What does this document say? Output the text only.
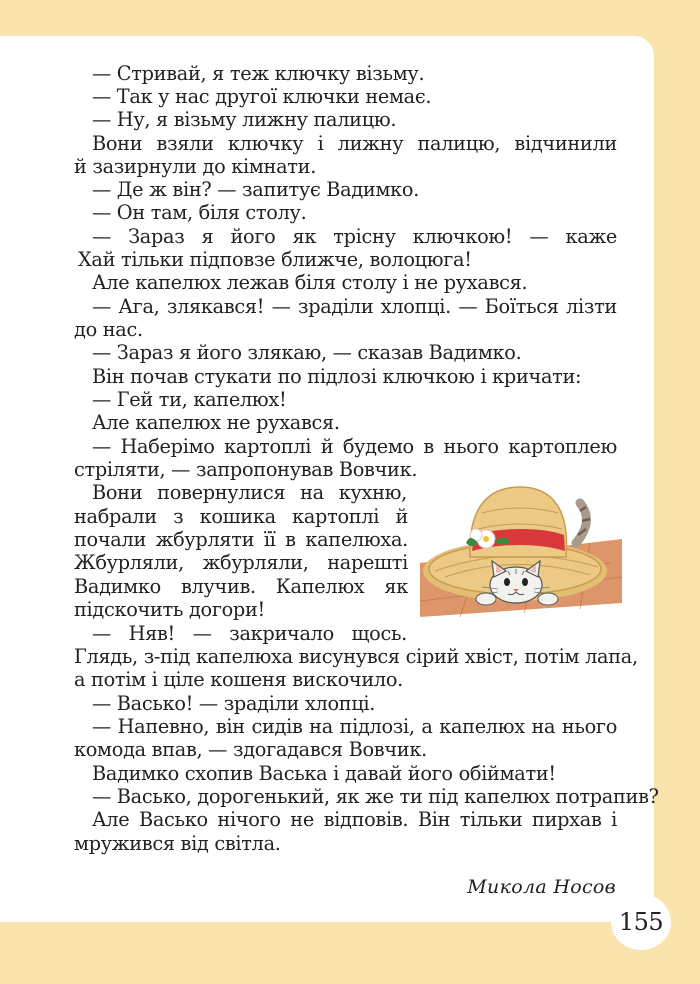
— Стривай, я теж ключку візьму.
— Так у нас другої ключки немає.
— Ну, я візьму лижну палицю.
Вони взяли ключку і лижну палицю, відчинили
й зазирнули до кімнати.
— Де ж він? — запитує Вадимко.
— Он там, біля столу.
— Зараз я його як трісну ключкою! — каже
Хай тільки підповзе ближче, волоцюга!
Але капелюх лежав біля столу і не рухався.
— Ага, злякався! — зраділи хлопці. — Боїться лізти
до нас.
— Зараз я його злякаю, — сказав Вадимко.
Він почав стукати по підлозі ключкою і кричати:
— Гей ти, капелюх!
Але капелюх не рухався.
— Наберімо картоплі й будемо в нього картоплею
стріляти, — запропонував Вовчик.
Вони повернулися на кухню,
набрали з кошика картоплі й
почали жбурляти її в капелюха.
Жбурляли, жбурляли, нарешті
Вадимко влучив. Капелюх як
підскочить догори!
— Няв! — закричало щось.
Глядь, з-під капелюха висунувся сірий хвіст, потім лапа,
а потім і ціле кошеня вискочило.
— Васько! — зраділи хлопці.
— Напевно, він сидів на підлозі, а капелюх на нього
комода впав, — здогадався Вовчик.
Вадимко схопив Васька і давай його обіймати!
— Васько, дорогенький, як же ти під капелюх потрапив?
Але Васько нічого не відповів. Він тільки пирхав і
мружився від світла.
Микола Носов
155
